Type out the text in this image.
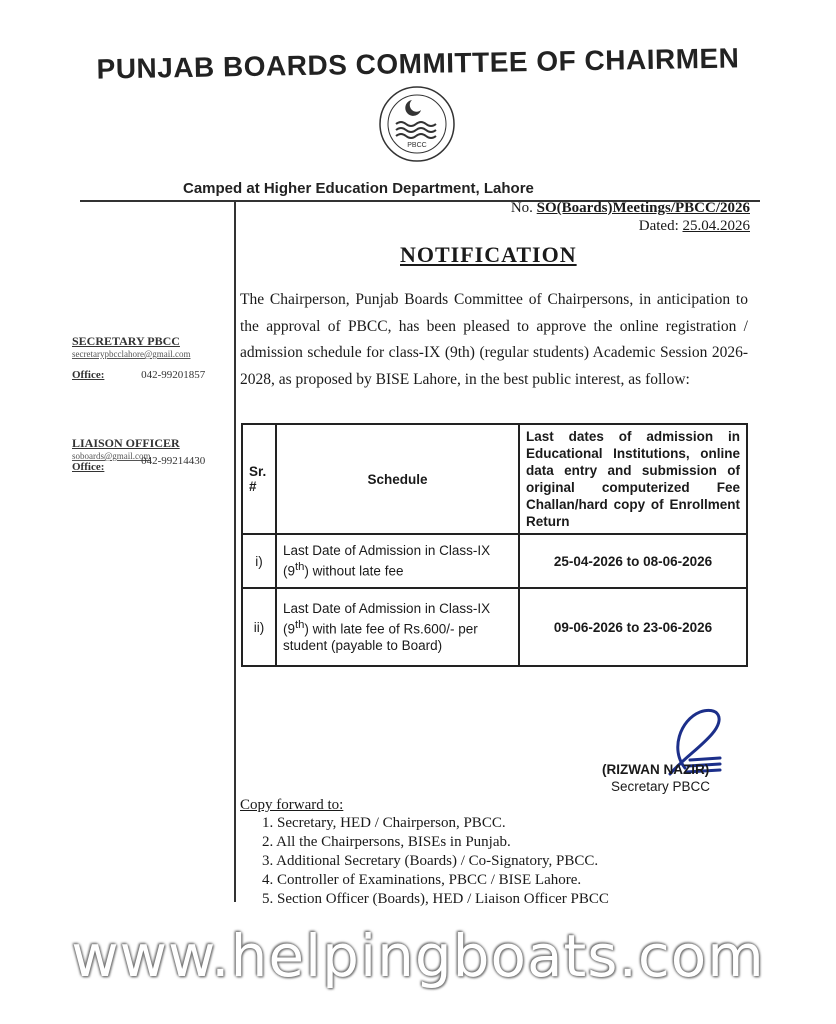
PUNJAB BOARDS COMMITTEE OF CHAIRMEN
PBCC
Camped at Higher Education Department, Lahore
No. SO(Boards)Meetings/PBCC/2026
Dated: 25.04.2026
NOTIFICATION
The Chairperson, Punjab Boards Committee of Chairpersons, in anticipation to the approval of PBCC, has been pleased to approve the online registration / admission schedule for class-IX (9th) (regular students) Academic Session 2026-2028, as proposed by BISE Lahore, in the best public interest, as follow:
SECRETARY PBCC
secretarypbcclahore@gmail.com
Office:	042-99201857
LIAISON OFFICER
soboards@gmail.com
Office:	042-99214430
Sr. #	Schedule	Last dates of admission in Educational Institutions, online data entry and submission of original computerized Fee Challan/hard copy of Enrollment Return
i)	Last Date of Admission in Class-IX (9th) without late fee	25-04-2026 to 08-06-2026
ii)	Last Date of Admission in Class-IX (9th) with late fee of Rs.600/- per student (payable to Board)	09-06-2026 to 23-06-2026
(RIZWAN NAZIR)
Secretary PBCC
Copy forward to:
1. Secretary, HED / Chairperson, PBCC.
2. All the Chairpersons, BISEs in Punjab.
3. Additional Secretary (Boards) / Co-Signatory, PBCC.
4. Controller of Examinations, PBCC / BISE Lahore.
5. Section Officer (Boards), HED / Liaison Officer PBCC
www.helpingboats.com
